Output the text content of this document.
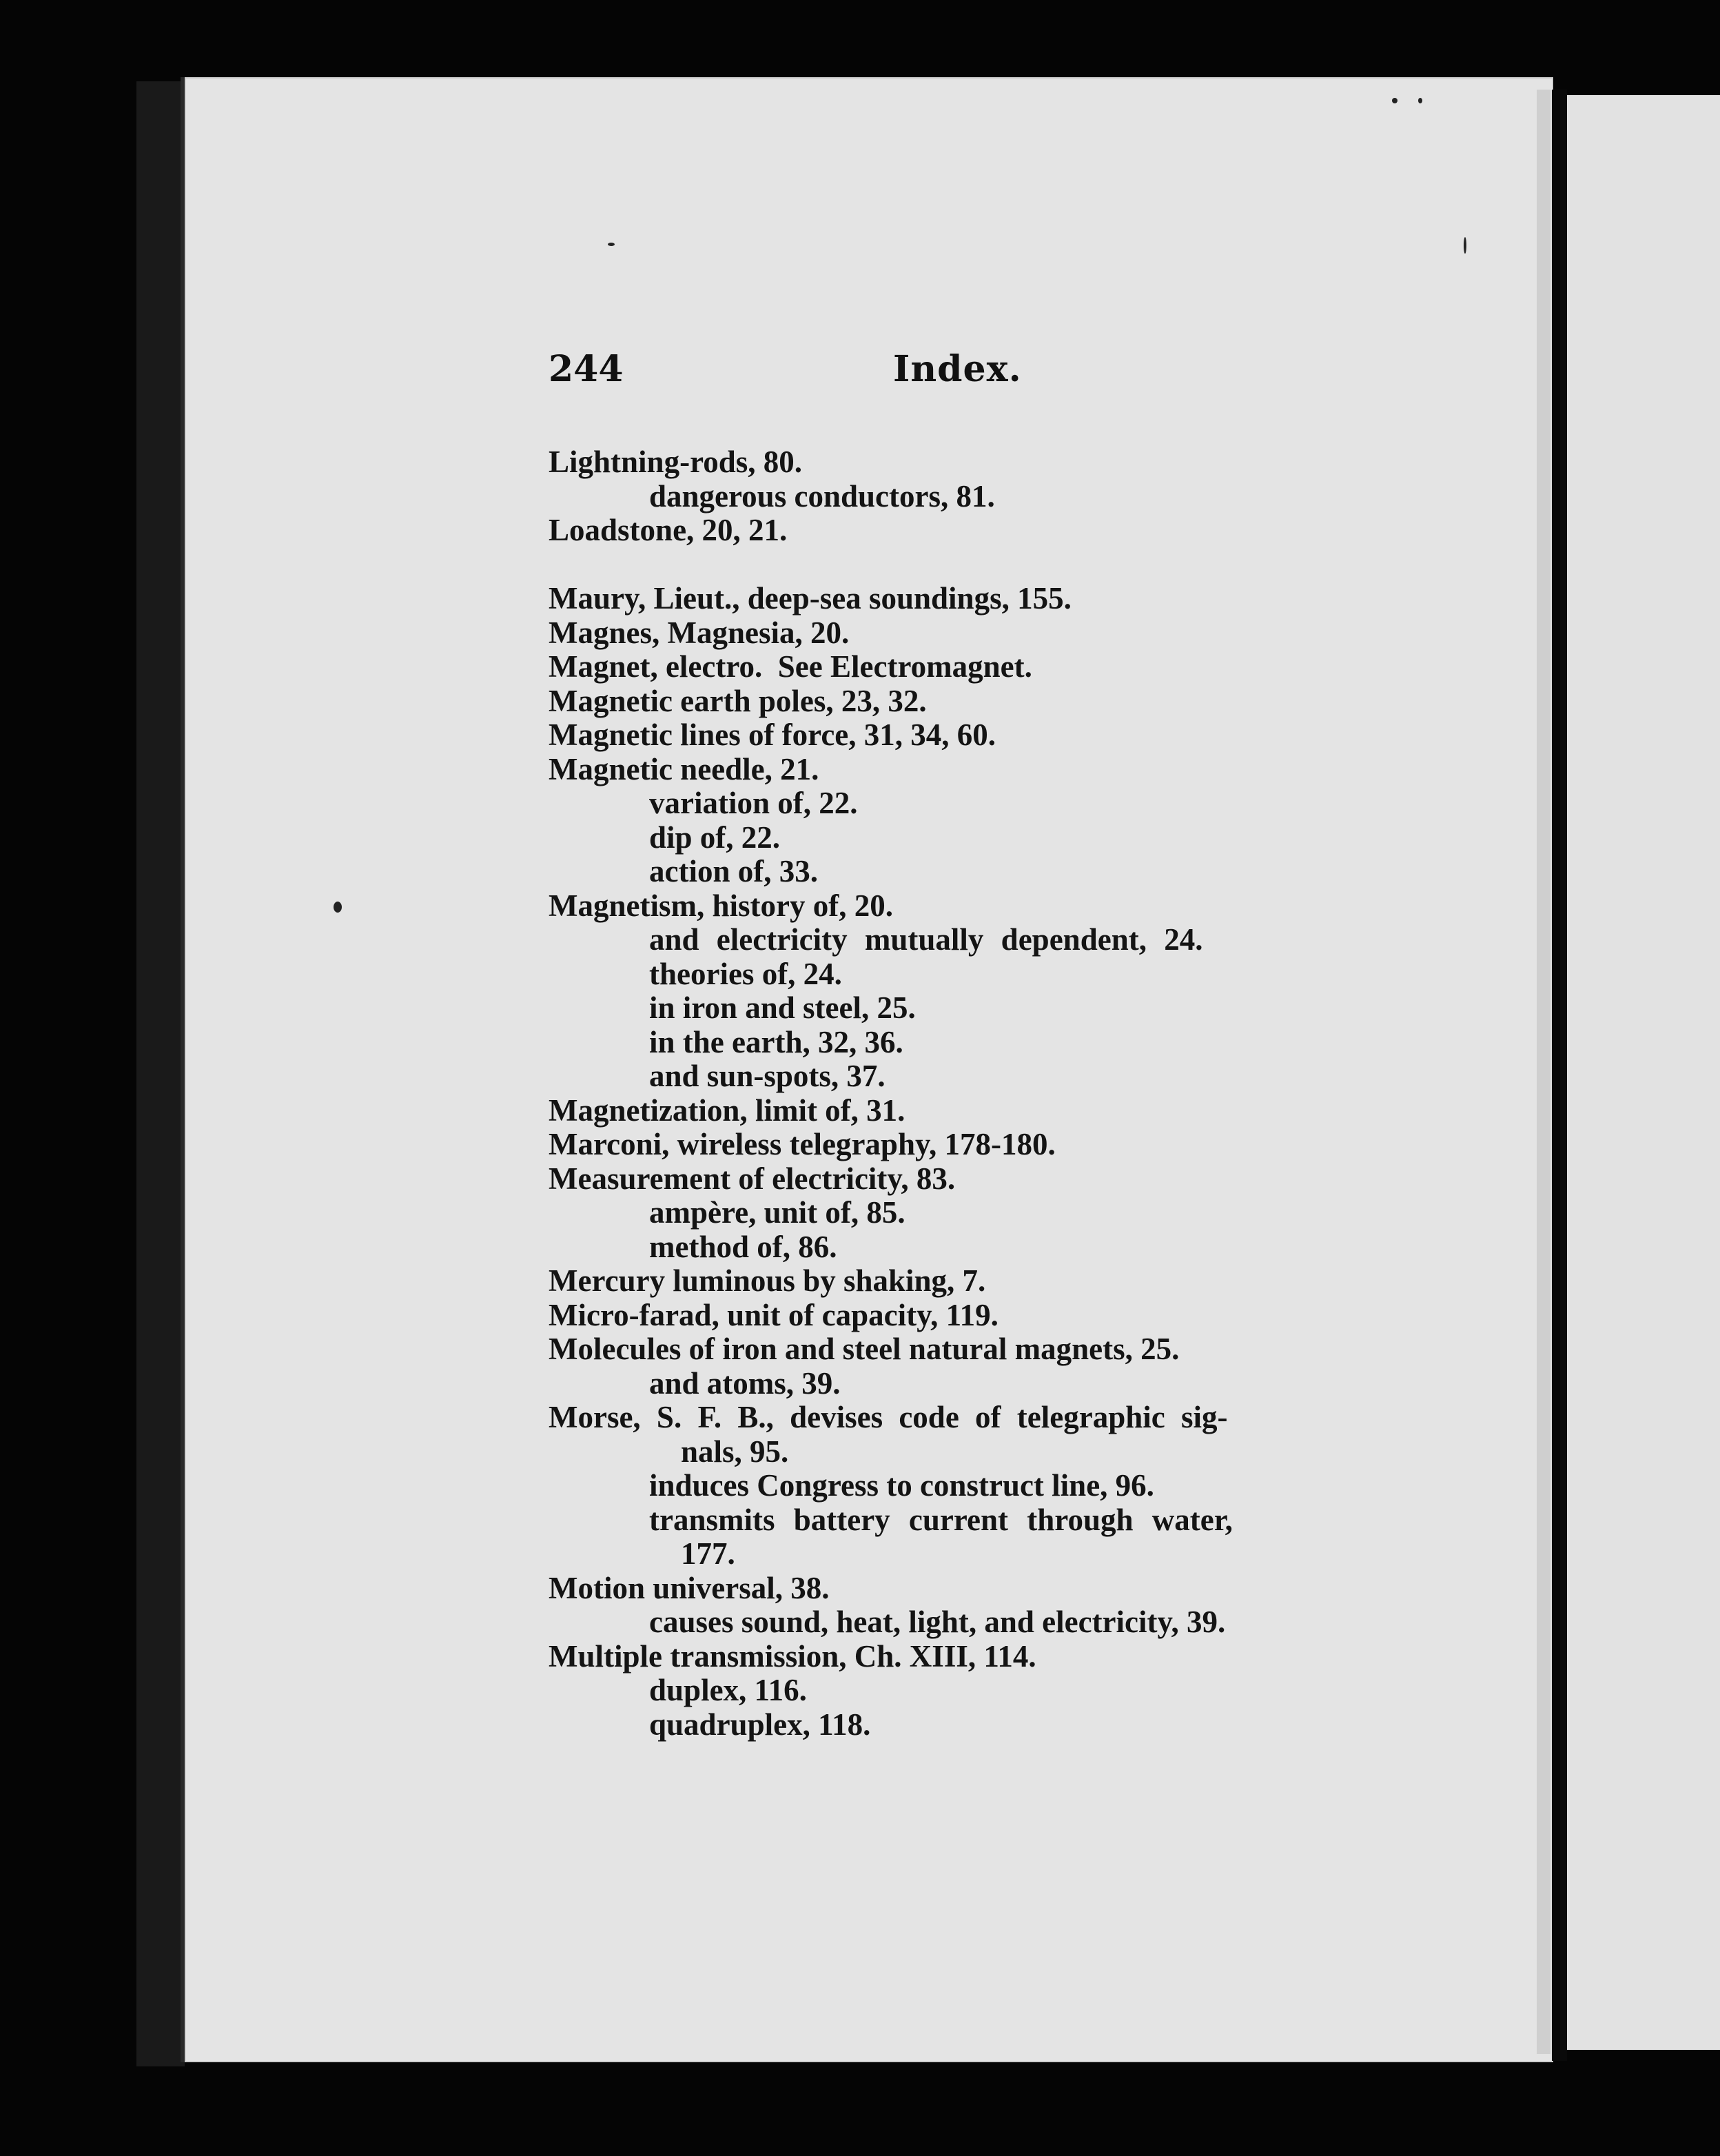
244	Index.
Lightning-rods, 80.
dangerous conductors, 81.
Loadstone, 20, 21.
Maury, Lieut., deep-sea soundings, 155.
Magnes, Magnesia, 20.
Magnet, electro.  See Electromagnet.
Magnetic earth poles, 23, 32.
Magnetic lines of force, 31, 34, 60.
Magnetic needle, 21.
variation of, 22.
dip of, 22.
action of, 33.
Magnetism, history of, 20.
and electricity mutually dependent, 24.
theories of, 24.
in iron and steel, 25.
in the earth, 32, 36.
and sun-spots, 37.
Magnetization, limit of, 31.
Marconi, wireless telegraphy, 178-180.
Measurement of electricity, 83.
ampère, unit of, 85.
method of, 86.
Mercury luminous by shaking, 7.
Micro-farad, unit of capacity, 119.
Molecules of iron and steel natural magnets, 25.
and atoms, 39.
Morse, S. F. B., devises code of telegraphic sig-
nals, 95.
induces Congress to construct line, 96.
transmits battery current through water,
177.
Motion universal, 38.
causes sound, heat, light, and electricity, 39.
Multiple transmission, Ch. XIII, 114.
duplex, 116.
quadruplex, 118.
